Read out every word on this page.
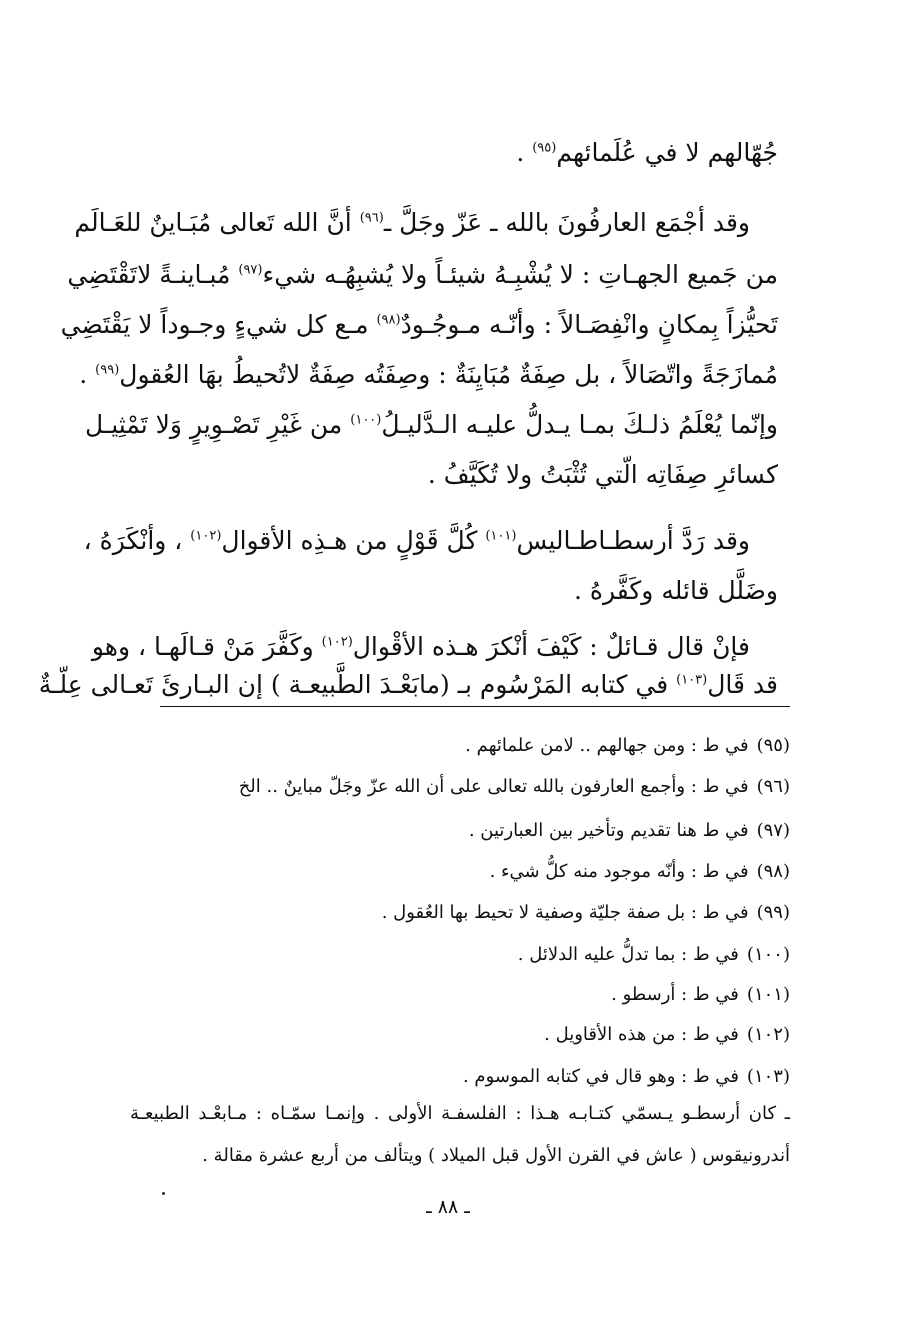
جُهّالهم لا في عُلَمائهم$^{(٩٥)}$ .
وقد أجْمَع العارفُونَ بالله ـ عَزّ وجَلَّ ـ$^{(٩٦)}$ أنَّ الله تَعالى مُبَـاينٌ للعَـالَم
من جَميع الجهـاتِ : لا يُشْبِـهُ شيئـاً ولا يُشبِهُـه شيء$^{(٩٧)}$ مُبـاينـةً لاتَقْتَضِي
تَحيُّزاً بِمكانٍ وانْفِصَـالاً : وأنّـه مـوجُـودٌ$^{(٩٨)}$ مـع كل شيءٍ وجـوداً لا يَقْتَضِي
مُمازَجَةً واتّصَالاً ، بل صِفَةٌ مُبَايِنَةٌ : وصِفَتُه صِفَةٌ لاتُحيطُ بهَا العُقول$^{(٩٩)}$ .
وإنّما يُعْلَمُ ذلـكَ بمـا يـدلُّ عليـه الـدَّليـلُ$^{(١٠٠)}$ من غَيْرِ تَصْـوِيرٍ وَلا تَمْثِيـل
كسائرِ صِفَاتِه الّتي تُثْبَتُ ولا تُكَيَّفُ .
وقد رَدَّ أرسطـاطـاليس$^{(١٠١)}$ كُلَّ قَوْلٍ من هـذِه الأقوال$^{(١٠٢)}$ ، وأنْكَرَهُ ،
وضَلَّل قائله وكَفَّرهُ .
فإنْ قال قـائلٌ : كَيْفَ أنْكرَ هـذه الأقْوال$^{(١٠٢)}$ وكَفَّرَ مَنْ قـالَهـا ، وهو
قد قَال$^{(١٠٣)}$ في كتابه المَرْسُوم بـ (مابَعْـدَ الطَّبيعـة ) إن البـارئَ تَعـالى عِلّـةٌ
(٩٥)في ط : ومن جهالهم .. لامن علمائهم .
(٩٦)في ط : وأجمع العارفون بالله تعالى على أن الله عزّ وجَلّ مباينٌ .. الخ
(٩٧)في ط هنا تقديم وتأخير بين العبارتين .
(٩٨)في ط : وأنّه موجود منه كلُّ شيء .
(٩٩)في ط : بل صفة جليّة وصفية لا تحيط بها العُقول .
(١٠٠)في ط : بما تدلُّ عليه الدلائل .
(١٠١)في ط : أرسطو .
(١٠٢)في ط : من هذه الأقاويل .
(١٠٣)في ط : وهو قال في كتابه الموسوم .
ـ كان أرسطـو يـسمّي كتـابـه هـذا : الفلسفـة الأولى . وإنمـا سمّـاه : مـابعْـد الطبيعـة
أندرونيقوس ( عاش في القرن الأول قبل الميلاد ) ويتألف من أربع عشرة مقالة .
ـ ٨٨ ـ
